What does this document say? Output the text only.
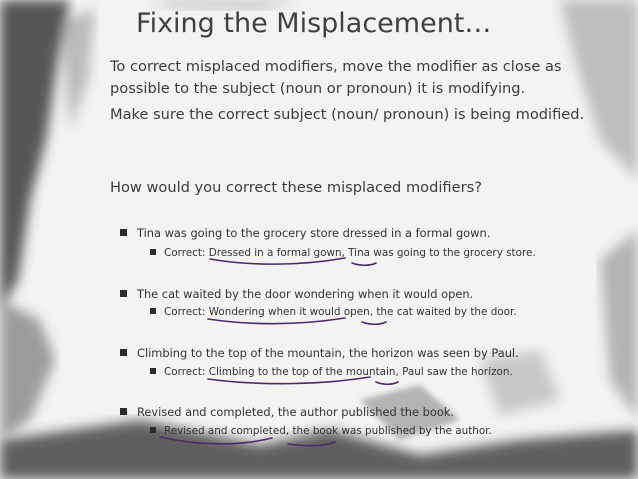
Fixing the Misplacement…

To correct misplaced modifiers, move the modifier as close as possible to the subject (noun or pronoun) it is modifying.

Make sure the correct subject (noun/ pronoun) is being modified.

How would you correct these misplaced modifiers?
Tina was going to the grocery store dressed in a formal gown.
Correct: Dressed in a formal gown, Tina was going to the grocery store.
The cat waited by the door wondering when it would open.
Correct: Wondering when it would open, the cat waited by the door.
Climbing to the top of the mountain, the horizon was seen by Paul.
Correct: Climbing to the top of the mountain, Paul saw the horizon.
Revised and completed, the author published the book.
Revised and completed, the book was published by the author.
